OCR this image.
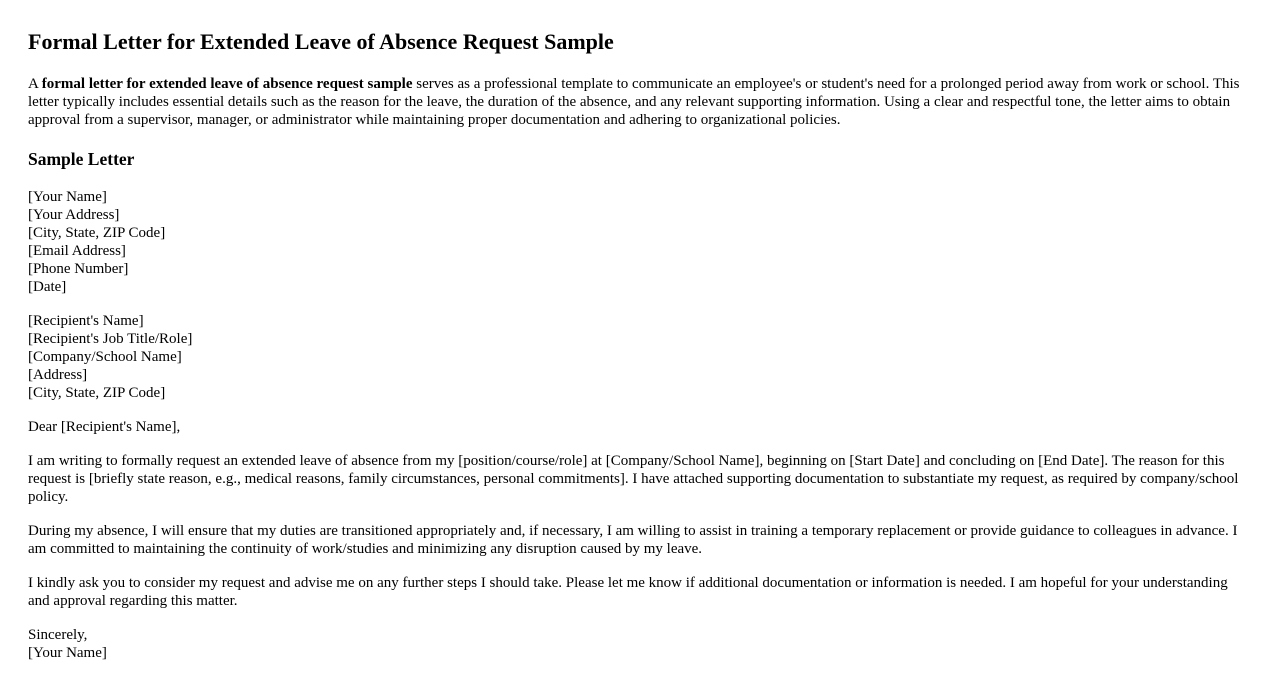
Formal Letter for Extended Leave of Absence Request Sample

A formal letter for extended leave of absence request sample serves as a professional template to communicate an employee's or student's need for a prolonged period away from work or school. This letter typically includes essential details such as the reason for the leave, the duration of the absence, and any relevant supporting information. Using a clear and respectful tone, the letter aims to obtain approval from a supervisor, manager, or administrator while maintaining proper documentation and adhering to organizational policies.

Sample Letter
[Your Name]
[Your Address]
[City, State, ZIP Code]
[Email Address]
[Phone Number]
[Date]
[Recipient's Name]
[Recipient's Job Title/Role]
[Company/School Name]
[Address]
[City, State, ZIP Code]

Dear [Recipient's Name],

I am writing to formally request an extended leave of absence from my [position/course/role] at [Company/School Name], beginning on [Start Date] and concluding on [End Date]. The reason for this request is [briefly state reason, e.g., medical reasons, family circumstances, personal commitments]. I have attached supporting documentation to substantiate my request, as required by company/school policy.

During my absence, I will ensure that my duties are transitioned appropriately and, if necessary, I am willing to assist in training a temporary replacement or provide guidance to colleagues in advance. I am committed to maintaining the continuity of work/studies and minimizing any disruption caused by my leave.

I kindly ask you to consider my request and advise me on any further steps I should take. Please let me know if additional documentation or information is needed. I am hopeful for your understanding and approval regarding this matter.

Sincerely,
[Your Name]
